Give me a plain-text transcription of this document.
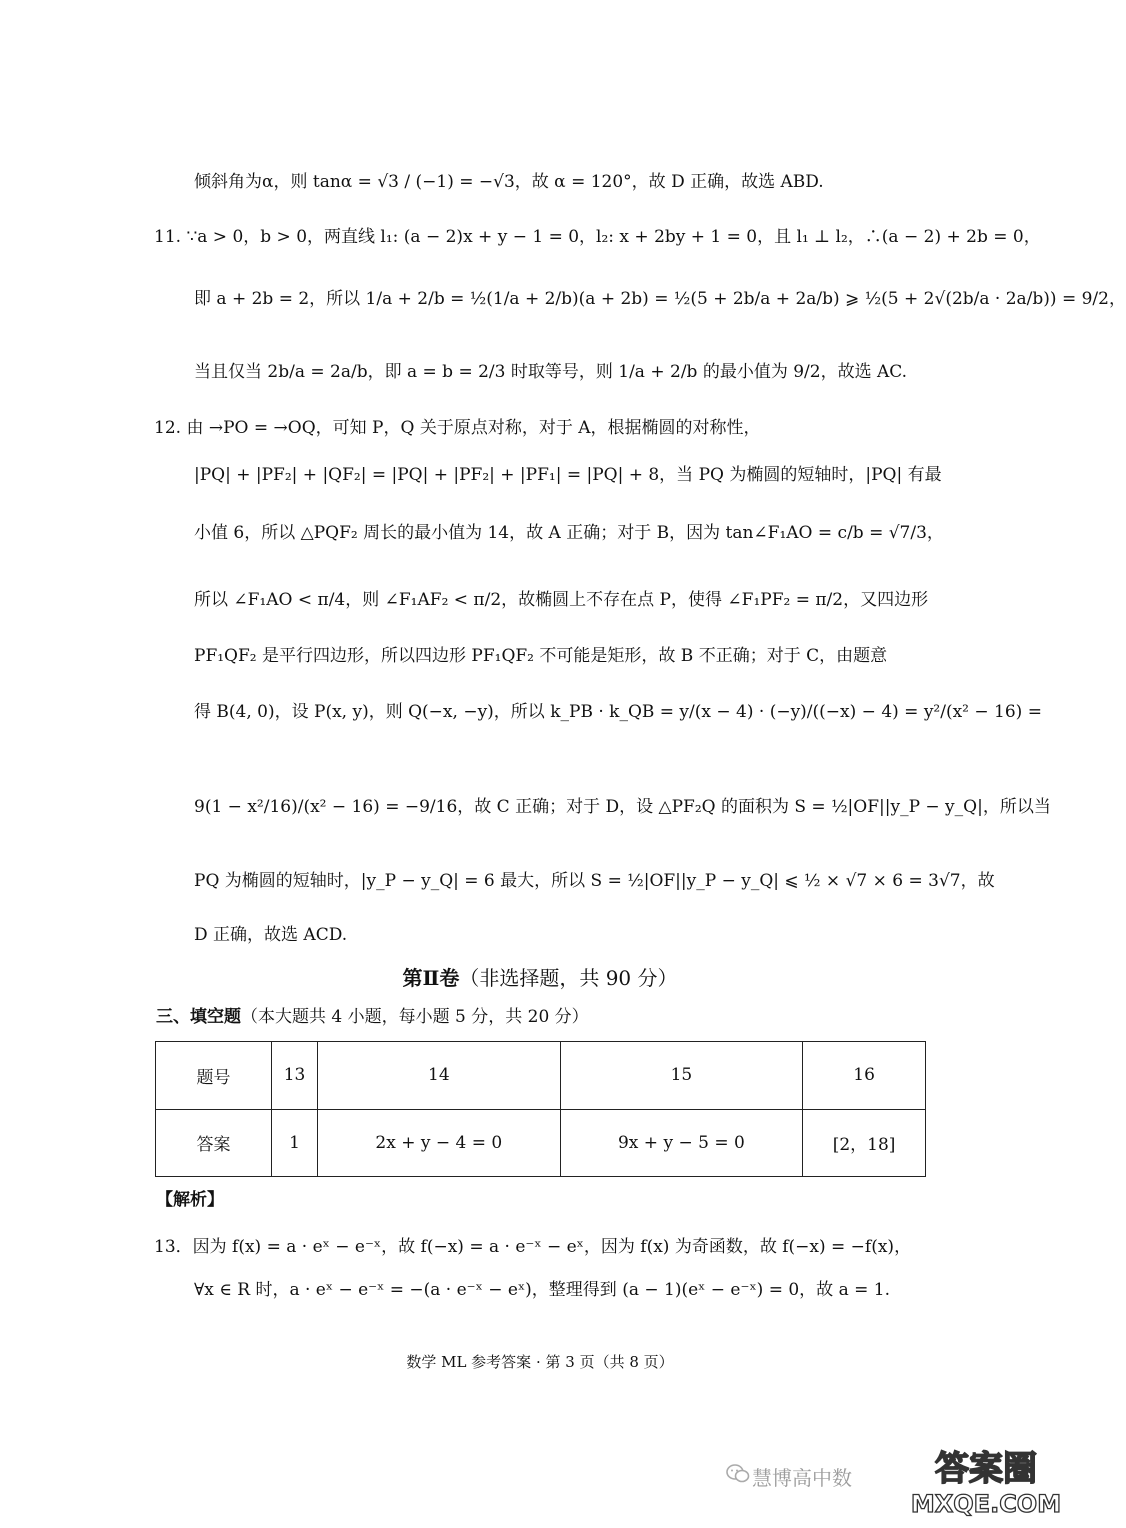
倾斜角为α，则 tanα = √3 / (−1) = −√3，故 α = 120°，故 D 正确，故选 ABD.
11. ∵a > 0，b > 0，两直线 l₁: (a − 2)x + y − 1 = 0，l₂: x + 2by + 1 = 0，且 l₁ ⊥ l₂，∴(a − 2) + 2b = 0，
即 a + 2b = 2，所以 1/a + 2/b = ½(1/a + 2/b)(a + 2b) = ½(5 + 2b/a + 2a/b) ⩾ ½(5 + 2√(2b/a · 2a/b)) = 9/2，
当且仅当 2b/a = 2a/b，即 a = b = 2/3 时取等号，则 1/a + 2/b 的最小值为 9/2，故选 AC.
12. 由 →PO = →OQ，可知 P，Q 关于原点对称，对于 A，根据椭圆的对称性，
|PQ| + |PF₂| + |QF₂| = |PQ| + |PF₂| + |PF₁| = |PQ| + 8，当 PQ 为椭圆的短轴时，|PQ| 有最
小值 6，所以 △PQF₂ 周长的最小值为 14，故 A 正确；对于 B，因为 tan∠F₁AO = c/b = √7/3，
所以 ∠F₁AO < π/4，则 ∠F₁AF₂ < π/2，故椭圆上不存在点 P，使得 ∠F₁PF₂ = π/2，又四边形
PF₁QF₂ 是平行四边形，所以四边形 PF₁QF₂ 不可能是矩形，故 B 不正确；对于 C，由题意
得 B(4, 0)，设 P(x, y)，则 Q(−x, −y)，所以 k_PB · k_QB = y/(x − 4) · (−y)/((−x) − 4) = y²/(x² − 16) =
9(1 − x²/16)/(x² − 16) = −9/16，故 C 正确；对于 D，设 △PF₂Q 的面积为 S = ½|OF||y_P − y_Q|，所以当
PQ 为椭圆的短轴时，|y_P − y_Q| = 6 最大，所以 S = ½|OF||y_P − y_Q| ⩽ ½ × √7 × 6 = 3√7，故
D 正确，故选 ACD.
第Ⅱ卷（非选择题，共 90 分）
三、填空题（本大题共 4 小题，每小题 5 分，共 20 分）
题号	13	14	15	16
答案	1	2x + y − 4 = 0	9x + y − 5 = 0	[2，18]
【解析】
13．因为 f(x) = a · eˣ − e⁻ˣ，故 f(−x) = a · e⁻ˣ − eˣ，因为 f(x) 为奇函数，故 f(−x) = −f(x)，
∀x ∈ R 时，a · eˣ − e⁻ˣ = −(a · e⁻ˣ − eˣ)，整理得到 (a − 1)(eˣ − e⁻ˣ) = 0，故 a = 1.
数学 ML 参考答案 · 第 3 页（共 8 页）
慧博高中数 答案圈
MXQE.COM
